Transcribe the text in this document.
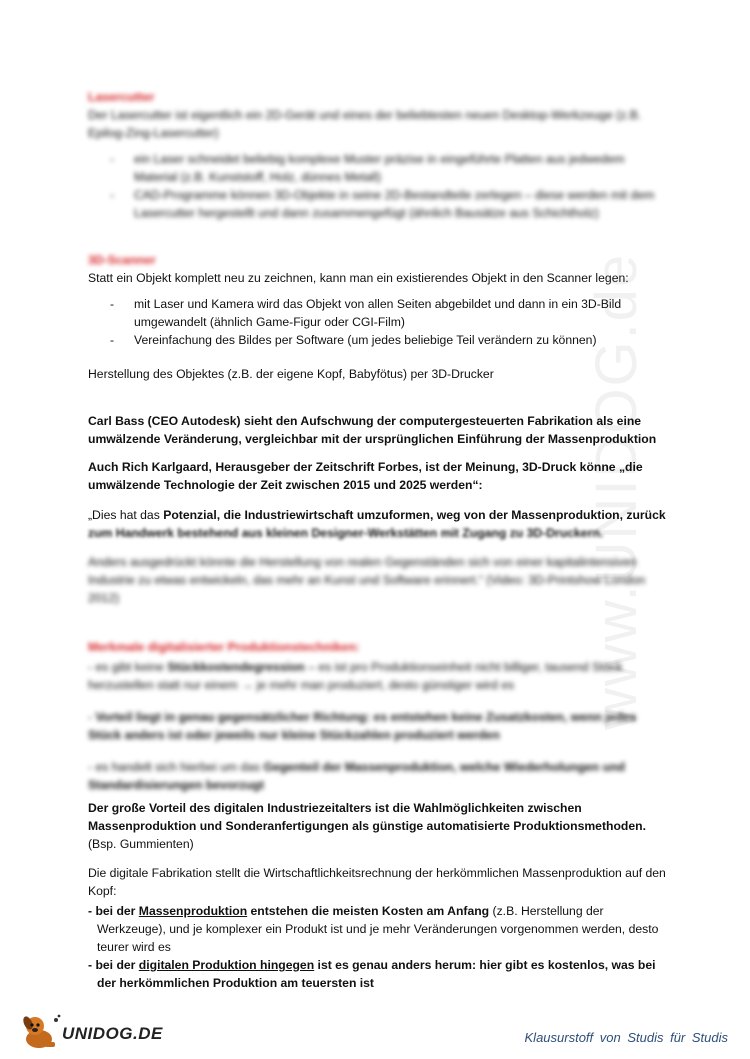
www.UNIDOG.de

Lasercutter

Der Lasercutter ist eigentlich ein 2D-Gerät und eines der beliebtesten neuen Desktop-Werkzeuge (z.B. Epilog-Zing-Lasercutter)

- ein Laser schneidet beliebig komplexe Muster präzise in eingeführte Platten aus jedwedem Material (z.B. Kunststoff, Holz, dünnes Metall)
- CAD-Programme können 3D-Objekte in seine 2D-Bestandteile zerlegen – diese werden mit dem Lasercutter hergestellt und dann zusammengefügt (ähnlich Bausätze aus Schichtholz)

3D-Scanner

Statt ein Objekt komplett neu zu zeichnen, kann man ein existierendes Objekt in den Scanner legen:

- mit Laser und Kamera wird das Objekt von allen Seiten abgebildet und dann in ein 3D-Bild umgewandelt (ähnlich Game-Figur oder CGI-Film)
- Vereinfachung des Bildes per Software (um jedes beliebige Teil verändern zu können)

Herstellung des Objektes (z.B. der eigene Kopf, Babyfötus) per 3D-Drucker

Carl Bass (CEO Autodesk) sieht den Aufschwung der computergesteuerten Fabrikation als eine umwälzende Veränderung, vergleichbar mit der ursprünglichen Einführung der Massenproduktion

Auch Rich Karlgaard, Herausgeber der Zeitschrift Forbes, ist der Meinung, 3D-Druck könne „die umwälzende Technologie der Zeit zwischen 2015 und 2025 werden“:

„Dies hat das Potenzial, die Industriewirtschaft umzuformen, weg von der Massenproduktion, zurück
zum Handwerk bestehend aus kleinen Designer-Werkstätten mit Zugang zu 3D-Druckern.

Anders ausgedrückt könnte die Herstellung von realen Gegenständen sich von einer kapitalintensiven Industrie zu etwas entwickeln, das mehr an Kunst und Software erinnert.“ (Video: 3D-Printshow London 2012)

Merkmale digitalisierter Produktionstechniken:

- es gibt keine Stückkostendegression – es ist pro Produktionseinheit nicht billiger, tausend Stück herzustellen statt nur einem → je mehr man produziert, desto günstiger wird es
- Vorteil liegt in genau gegensätzlicher Richtung: es entstehen keine Zusatzkosten, wenn jedes Stück anders ist oder jeweils nur kleine Stückzahlen produziert werden
- es handelt sich hierbei um das Gegenteil der Massenproduktion, welche Wiederholungen und Standardisierungen bevorzugt

Der große Vorteil des digitalen Industriezeitalters ist die Wahlmöglichkeiten zwischen Massenproduktion und Sonderanfertigungen als günstige automatisierte Produktionsmethoden.

(Bsp. Gummienten)

Die digitale Fabrikation stellt die Wirtschaftlichkeitsrechnung der herkömmlichen Massenproduktion auf den Kopf:

- bei der Massenproduktion entstehen die meisten Kosten am Anfang (z.B. Herstellung der Werkzeuge), und je komplexer ein Produkt ist und je mehr Veränderungen vorgenommen werden, desto teurer wird es
- bei der digitalen Produktion hingegen ist es genau anders herum: hier gibt es kostenlos, was bei der herkömmlichen Produktion am teuersten ist
UNIDOG.DE	Klausurstoff von Studis für Studis
